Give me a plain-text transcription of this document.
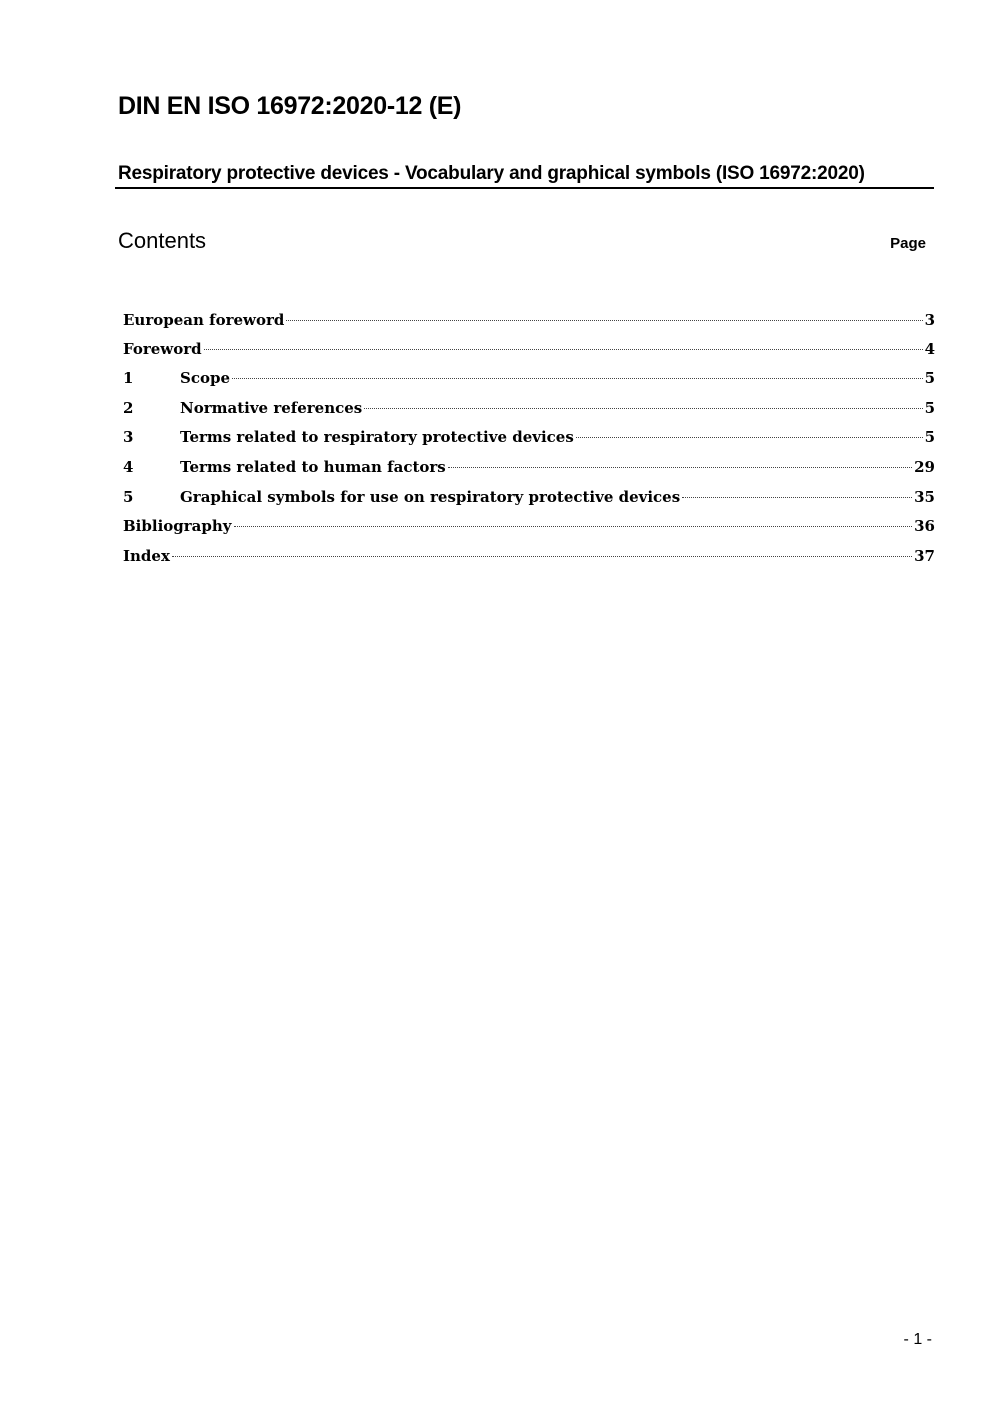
DIN EN ISO 16972:2020-12 (E)
Respiratory protective devices - Vocabulary and graphical symbols (ISO 16972:2020)
Contents	Page
European foreword	3
Foreword	4
1	Scope	5
2	Normative references	5
3	Terms related to respiratory protective devices	5
4	Terms related to human factors	29
5	Graphical symbols for use on respiratory protective devices	35
Bibliography	36
Index	37
- 1 -
